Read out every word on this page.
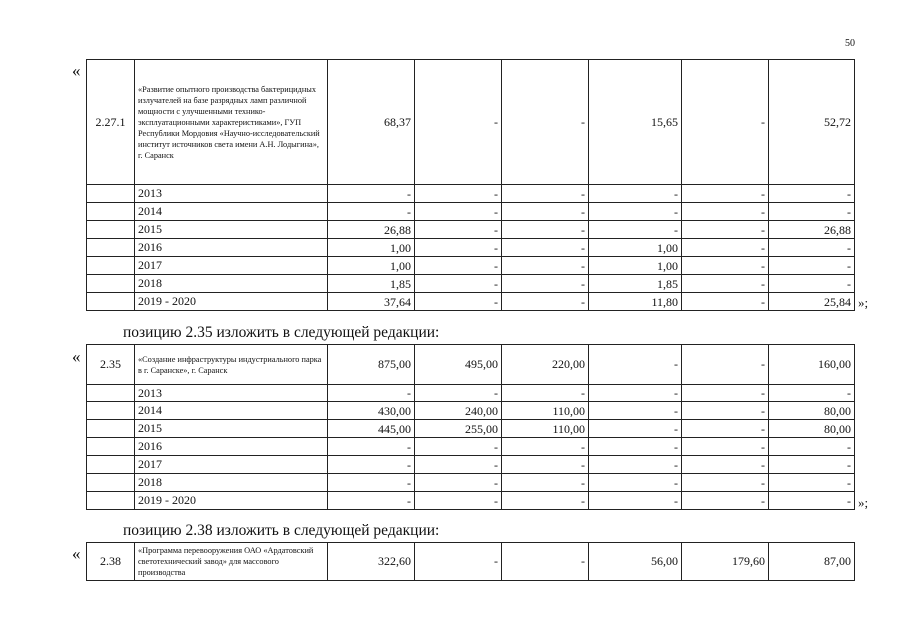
50
«
2.27.1	«Развитие опытного производства бактерицидных излучателей на базе разрядных ламп различной мощности с улучшенными технико-эксплуатационными характеристиками», ГУП Республики Мордовия «Научно-исследовательский институт источников света имени А.Н. Лодыгина», г. Саранск	68,37	-	-	15,65	-	52,72
	2013	-	-	-	-	-	-
	2014	-	-	-	-	-	-
	2015	26,88	-	-	-	-	26,88
	2016	1,00	-	-	1,00	-	-
	2017	1,00	-	-	1,00	-	-
	2018	1,85	-	-	1,85	-	-
	2019 - 2020	37,64	-	-	11,80	-	25,84 »;
позицию 2.35 изложить в следующей редакции:
« 2.35	«Создание инфраструктуры индустриального парка в г. Саранске», г. Саранск	875,00	495,00	220,00	-	-	160,00
	2013	-	-	-	-	-	-
	2014	430,00	240,00	110,00	-	-	80,00
	2015	445,00	255,00	110,00	-	-	80,00
	2016	-	-	-	-	-	-
	2017	-	-	-	-	-	-
	2018	-	-	-	-	-	-
	2019 - 2020	-	-	-	-	-	- »;
позицию 2.38 изложить в следующей редакции:
« 2.38	«Программа перевооружения ОАО «Ардатовский светотехнический завод» для массового производства	322,60	-	-	56,00	179,60	87,00
